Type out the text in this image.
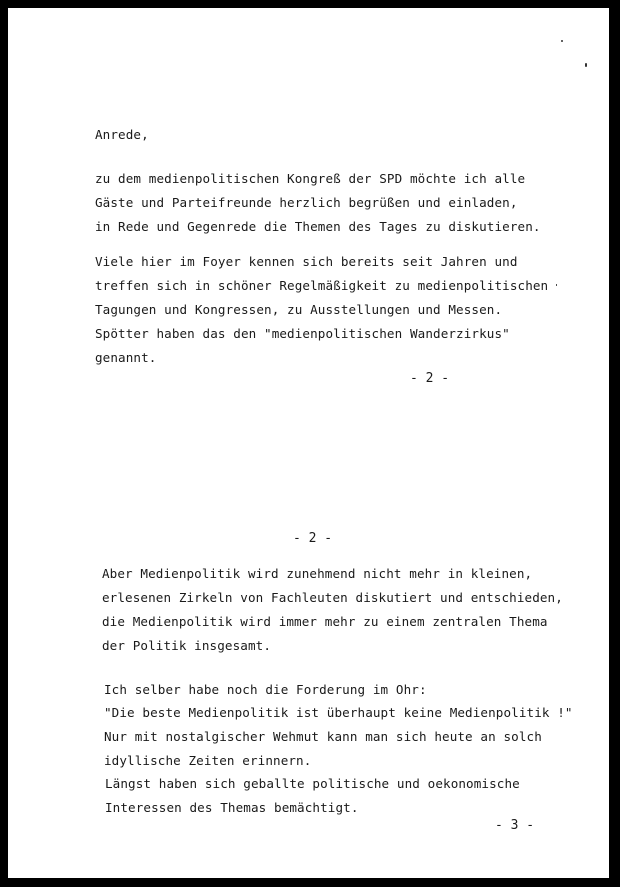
Anrede,
zu dem medienpolitischen Kongreß der SPD möchte ich alle
Gäste und Parteifreunde herzlich begrüßen und einladen,
in Rede und Gegenrede die Themen des Tages zu diskutieren.
Viele hier im Foyer kennen sich bereits seit Jahren und
treffen sich in schöner Regelmäßigkeit zu medienpolitischen
Tagungen und Kongressen, zu Ausstellungen und Messen.
Spötter haben das den "medienpolitischen Wanderzirkus"
genannt.
- 2 -
- 2 -
Aber Medienpolitik wird zunehmend nicht mehr in kleinen,
erlesenen Zirkeln von Fachleuten diskutiert und entschieden,
die Medienpolitik wird immer mehr zu einem zentralen Thema
der Politik insgesamt.
Ich selber habe noch die Forderung im Ohr:
"Die beste Medienpolitik ist überhaupt keine Medienpolitik !"
Nur mit nostalgischer Wehmut kann man sich heute an solch
idyllische Zeiten erinnern.
Längst haben sich geballte politische und oekonomische
Interessen des Themas bemächtigt.
- 3 -
